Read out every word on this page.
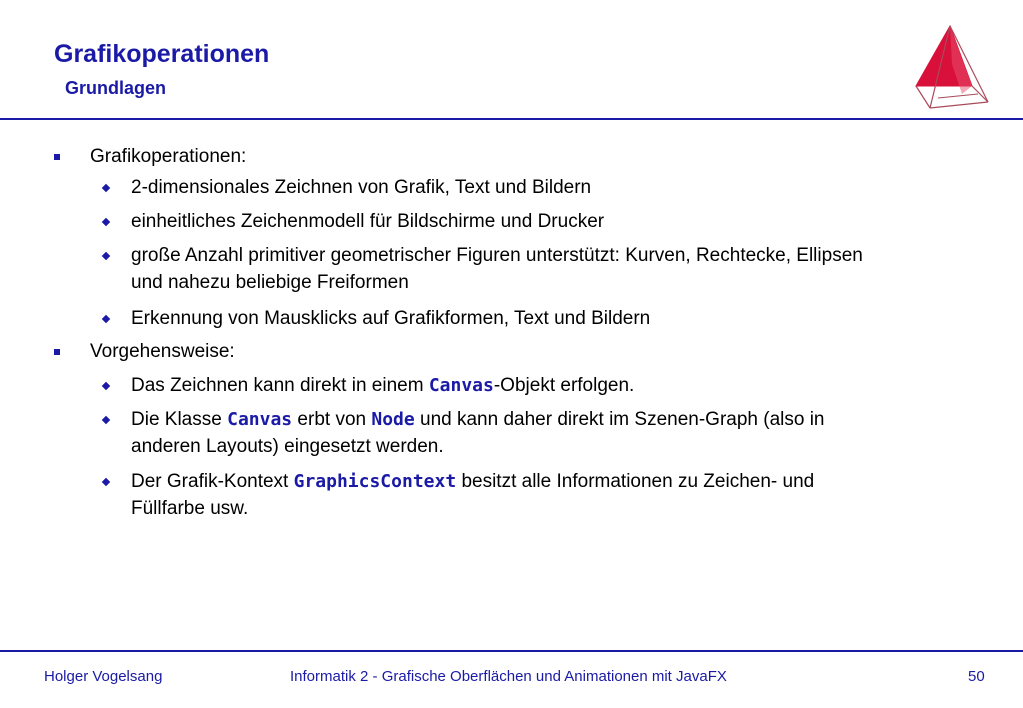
Grafikoperationen
Grundlagen
Grafikoperationen:
2-dimensionales Zeichnen von Grafik, Text und Bildern
einheitliches Zeichenmodell für Bildschirme und Drucker
große Anzahl primitiver geometrischer Figuren unterstützt: Kurven, Rechtecke, Ellipsen
und nahezu beliebige Freiformen
Erkennung von Mausklicks auf Grafikformen, Text und Bildern
Vorgehensweise:
Das Zeichnen kann direkt in einem Canvas-Objekt erfolgen.
Die Klasse Canvas erbt von Node und kann daher direkt im Szenen-Graph (also in
anderen Layouts) eingesetzt werden.
Der Grafik-Kontext GraphicsContext besitzt alle Informationen zu Zeichen- und
Füllfarbe usw.
Holger Vogelsang	Informatik 2 - Grafische Oberflächen und Animationen mit JavaFX	50
